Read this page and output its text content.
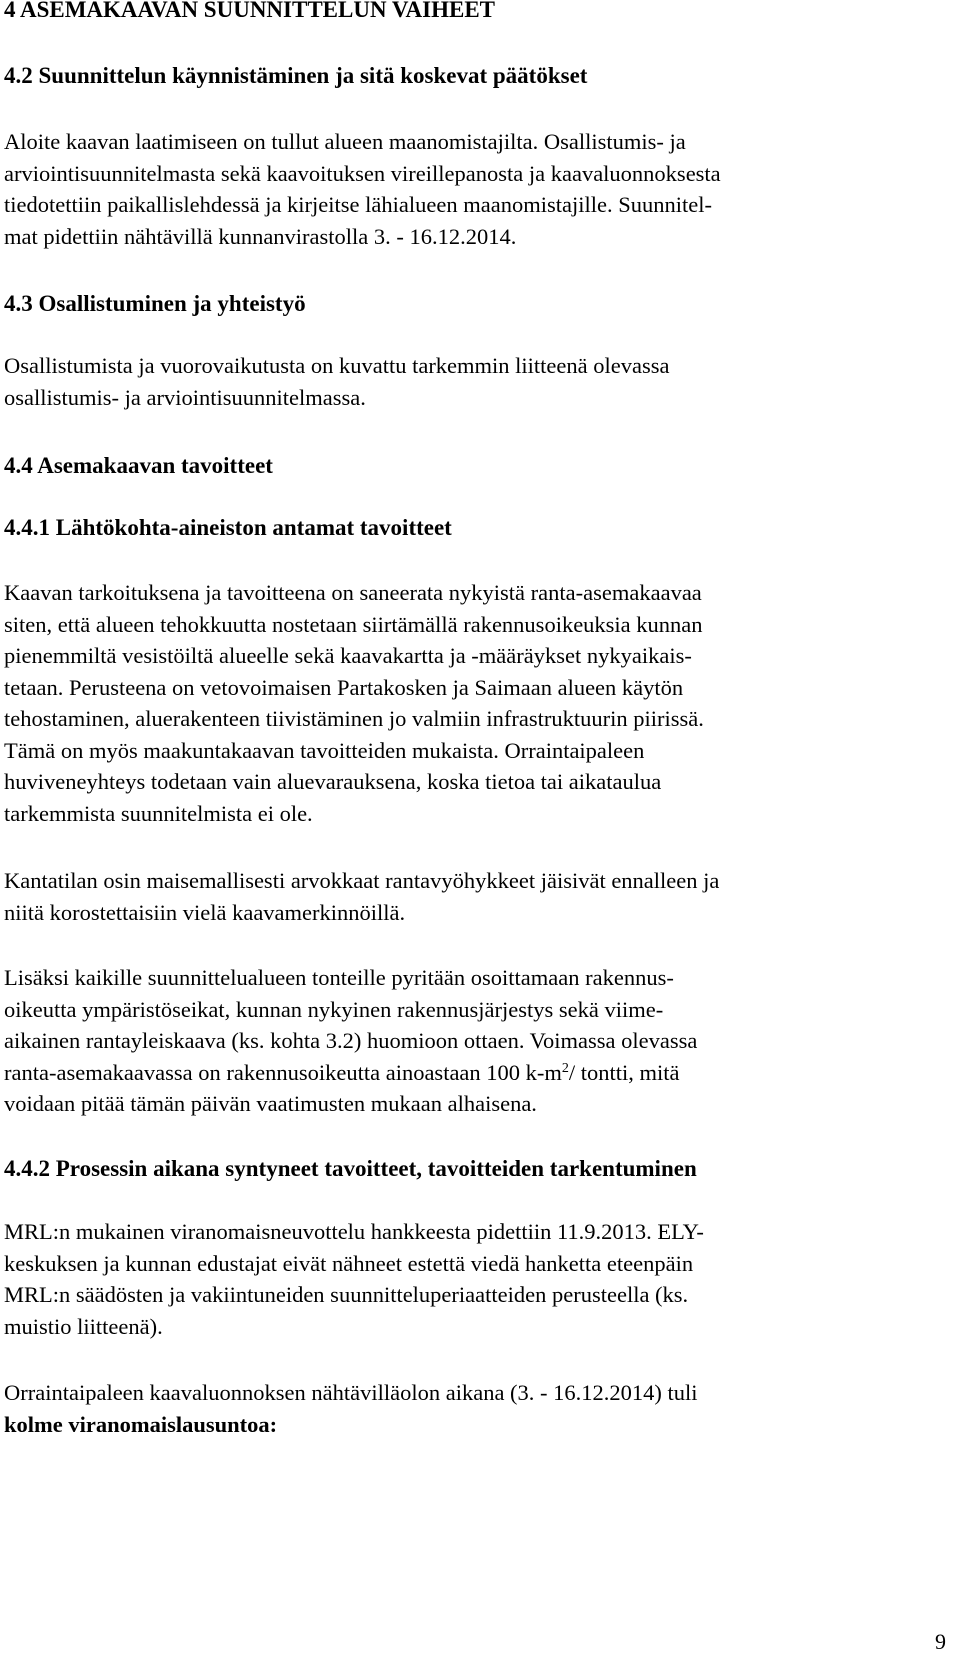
4 ASEMAKAAVAN SUUNNITTELUN VAIHEET
4.2 Suunnittelun käynnistäminen ja sitä koskevat päätökset
Aloite kaavan laatimiseen on tullut alueen maanomistajilta. Osallistumis- ja
arviointisuunnitelmasta sekä kaavoituksen vireillepanosta ja kaavaluonnoksesta
tiedotettiin paikallislehdessä ja kirjeitse lähialueen maanomistajille. Suunnitel-
mat pidettiin nähtävillä kunnanvirastolla 3. - 16.12.2014.
4.3 Osallistuminen ja yhteistyö
Osallistumista ja vuorovaikutusta on kuvattu tarkemmin liitteenä olevassa
osallistumis- ja arviointisuunnitelmassa.
4.4 Asemakaavan tavoitteet
4.4.1 Lähtökohta-aineiston antamat tavoitteet
Kaavan tarkoituksena ja tavoitteena on saneerata nykyistä ranta-asemakaavaa
siten, että alueen tehokkuutta nostetaan siirtämällä rakennusoikeuksia kunnan
pienemmiltä vesistöiltä alueelle sekä kaavakartta ja -määräykset nykyaikais-
tetaan. Perusteena on vetovoimaisen Partakosken ja Saimaan alueen käytön
tehostaminen, aluerakenteen tiivistäminen jo valmiin infrastruktuurin piirissä.
Tämä on myös maakuntakaavan tavoitteiden mukaista. Orraintaipaleen
huviveneyhteys todetaan vain aluevarauksena, koska tietoa tai aikataulua
tarkemmista suunnitelmista ei ole.
Kantatilan osin maisemallisesti arvokkaat rantavyöhykkeet jäisivät ennalleen ja
niitä korostettaisiin vielä kaavamerkinnöillä.
Lisäksi kaikille suunnittelualueen tonteille pyritään osoittamaan rakennus-
oikeutta ympäristöseikat, kunnan nykyinen rakennusjärjestys sekä viime-
aikainen rantayleiskaava (ks. kohta 3.2) huomioon ottaen. Voimassa olevassa
ranta-asemakaavassa on rakennusoikeutta ainoastaan 100 $k-m^2/$ tontti, mitä
voidaan pitää tämän päivän vaatimusten mukaan alhaisena.
4.4.2 Prosessin aikana syntyneet tavoitteet, tavoitteiden tarkentuminen
MRL:n mukainen viranomaisneuvottelu hankkeesta pidettiin 11.9.2013. ELY-
keskuksen ja kunnan edustajat eivät nähneet estettä viedä hanketta eteenpäin
MRL:n säädösten ja vakiintuneiden suunnitteluperiaatteiden perusteella (ks.
muistio liitteenä).
Orraintaipaleen kaavaluonnoksen nähtävilläolon aikana (3. - 16.12.2014) tuli
kolme viranomaislausuntoa:
9
